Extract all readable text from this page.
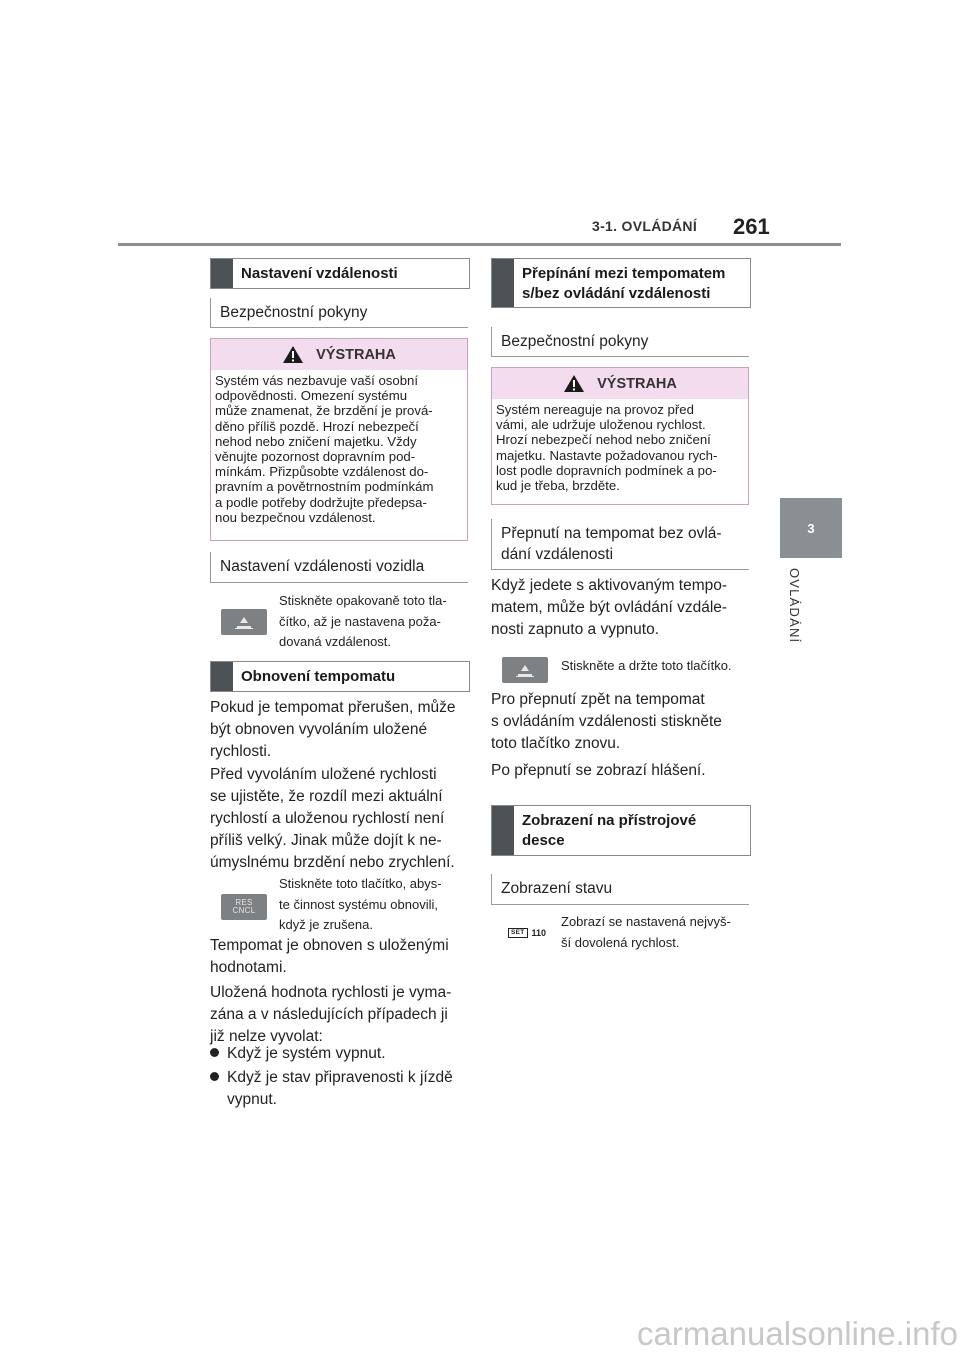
3-1. OVLÁDÁNÍ 261
3
OVLÁDÁNÍ
Nastavení vzdálenosti
Bezpečnostní pokyny
VÝSTRAHA
Systém vás nezbavuje vaší osobní
odpovědnosti. Omezení systému
může znamenat, že brzdění je prová-
děno příliš pozdě. Hrozí nebezpečí
nehod nebo zničení majetku. Vždy
věnujte pozornost dopravním pod-
mínkám. Přizpůsobte vzdálenost do-
pravním a povětrnostním podmínkám
a podle potřeby dodržujte předepsa-
nou bezpečnou vzdálenost.
Nastavení vzdálenosti vozidla
Stiskněte opakovaně toto tla-
čítko, až je nastavena poža-
dovaná vzdálenost.
Obnovení tempomatu
Pokud je tempomat přerušen, může
být obnoven vyvoláním uložené
rychlosti.
Před vyvoláním uložené rychlosti
se ujistěte, že rozdíl mezi aktuální
rychlostí a uloženou rychlostí není
příliš velký. Jinak může dojít k ne-
úmyslnému brzdění nebo zrychlení.
RES
CNCL
Stiskněte toto tlačítko, abys-
te činnost systému obnovili,
když je zrušena.
Tempomat je obnoven s uloženými
hodnotami.
Uložená hodnota rychlosti je vyma-
zána a v následujících případech ji
již nelze vyvolat:
Když je systém vypnut.
Když je stav připravenosti k jízdě
vypnut.
Přepínání mezi tempomatem
s/bez ovládání vzdálenosti
Bezpečnostní pokyny
VÝSTRAHA
Systém nereaguje na provoz před
vámi, ale udržuje uloženou rychlost.
Hrozí nebezpečí nehod nebo zničení
majetku. Nastavte požadovanou rych-
lost podle dopravních podmínek a po-
kud je třeba, brzděte.
Přepnutí na tempomat bez ovlá-
dání vzdálenosti
Když jedete s aktivovaným tempo-
matem, může být ovládání vzdále-
nosti zapnuto a vypnuto.
Stiskněte a držte toto tlačítko.
Pro přepnutí zpět na tempomat
s ovládáním vzdálenosti stiskněte
toto tlačítko znovu.
Po přepnutí se zobrazí hlášení.
Zobrazení na přístrojové
desce
Zobrazení stavu
SET 110
Zobrazí se nastavená nejvyš-
ší dovolená rychlost.
carmanualsonline.info
